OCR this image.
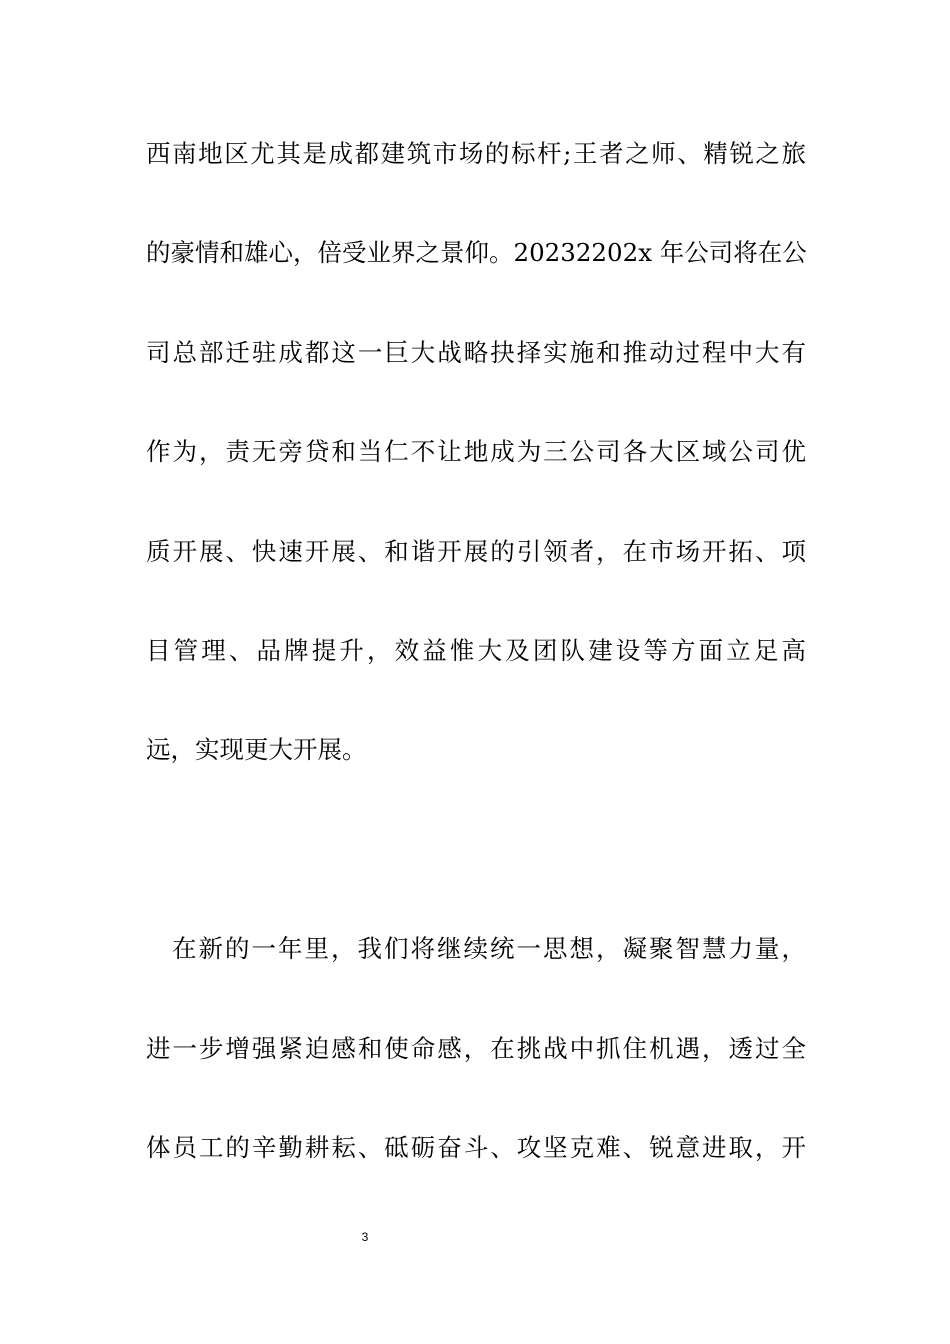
西南地区尤其是成都建筑市场的标杆;王者之师、精锐之旅
的豪情和雄心，倍受业界之景仰。20232202x 年公司将在公
司总部迁驻成都这一巨大战略抉择实施和推动过程中大有
作为，责无旁贷和当仁不让地成为三公司各大区域公司优
质开展、快速开展、和谐开展的引领者，在市场开拓、项
目管理、品牌提升，效益惟大及团队建设等方面立足高
远，实现更大开展。
在新的一年里，我们将继续统一思想，凝聚智慧力量，
进一步增强紧迫感和使命感，在挑战中抓住机遇，透过全
体员工的辛勤耕耘、砥砺奋斗、攻坚克难、锐意进取，开
3
